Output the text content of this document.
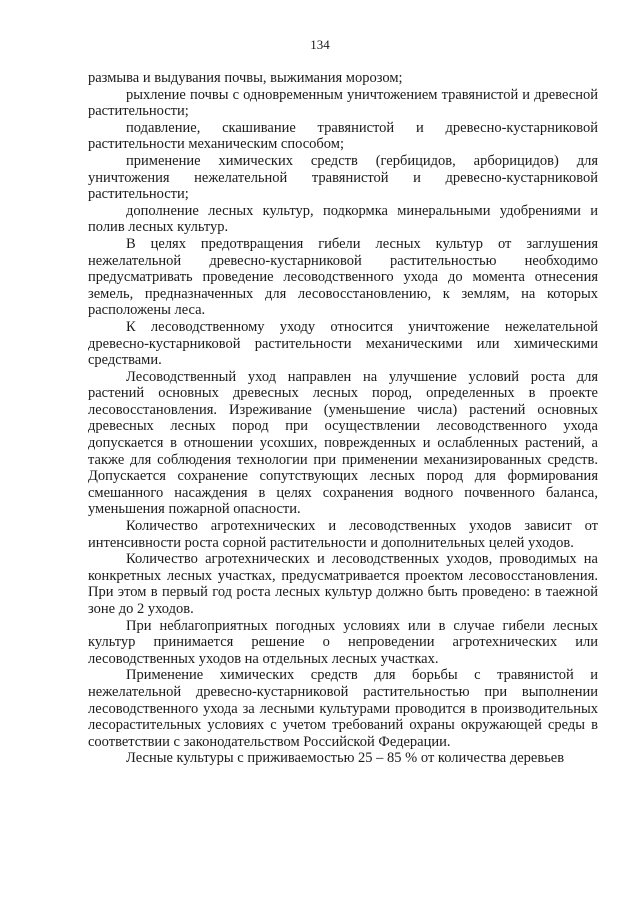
134

размыва и выдувания почвы, выжимания морозом;

рыхление почвы с одновременным уничтожением травянистой и древесной растительности;

подавление, скашивание травянистой и древесно-кустарниковой растительности механическим способом;

применение химических средств (гербицидов, арборицидов) для уничтожения нежелательной травянистой и древесно-кустарниковой растительности;

дополнение лесных культур, подкормка минеральными удобрениями и полив лесных культур.

В целях предотвращения гибели лесных культур от заглушения нежелательной древесно-кустарниковой растительностью необходимо предусматривать проведение лесоводственного ухода до момента отнесения земель, предназначенных для лесовосстановлению, к землям, на которых расположены леса.

К лесоводственному уходу относится уничтожение нежелательной древесно-кустарниковой растительности механическими или химическими средствами.

Лесоводственный уход направлен на улучшение условий роста для растений основных древесных лесных пород, определенных в проекте лесовосстановления. Изреживание (уменьшение числа) растений основных древесных лесных пород при осуществлении лесоводственного ухода допускается в отношении усохших, поврежденных и ослабленных растений, а также для соблюдения технологии при применении механизированных средств. Допускается сохранение сопутствующих лесных пород для формирования смешанного насаждения в целях сохранения водного почвенного баланса, уменьшения пожарной опасности.

Количество агротехнических и лесоводственных уходов зависит от интенсивности роста сорной растительности и дополнительных целей уходов.

Количество агротехнических и лесоводственных уходов, проводимых на конкретных лесных участках, предусматривается проектом лесовосстановления. При этом в первый год роста лесных культур должно быть проведено: в таежной зоне до 2 уходов.

При неблагоприятных погодных условиях или в случае гибели лесных культур принимается решение о непроведении агротехнических или лесоводственных уходов на отдельных лесных участках.

Применение химических средств для борьбы с травянистой и нежелательной древесно-кустарниковой растительностью при выполнении лесоводственного ухода за лесными культурами проводится в производительных лесорастительных условиях с учетом требований охраны окружающей среды в соответствии с законодательством Российской Федерации.

Лесные культуры с приживаемостью 25 – 85 % от количества деревьев
